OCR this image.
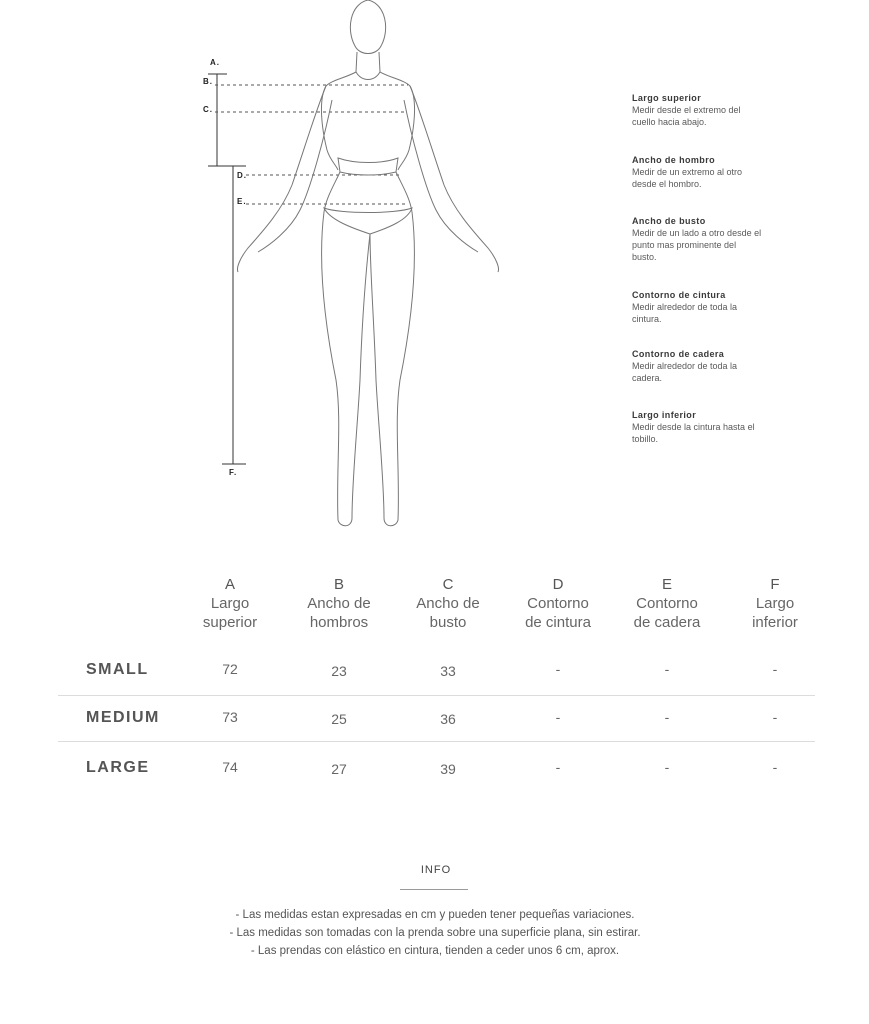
A.
B.
C.
D.
E.
F.
Largo superior
Medir desde el extremo del cuello hacia abajo.
Ancho de hombro
Medir de un extremo al otro desde el hombro.
Ancho de busto
Medir de un lado a otro desde el punto mas prominente del busto.
Contorno de cintura
Medir alrededor de toda la cintura.
Contorno de cadera
Medir alrededor de toda la cadera.
Largo inferior
Medir desde la cintura hasta el tobillo.
A
Largo
superior
B
Ancho de
hombros
C
Ancho de
busto
D
Contorno
de cintura
E
Contorno
de cadera
F
Largo
inferior
SMALL	72	23	33	-	-	-
MEDIUM	73	25	36	-	-	-
LARGE	74	27	39	-	-	-
INFO
- Las medidas estan expresadas en cm y pueden tener pequeñas variaciones.
- Las medidas son tomadas con la prenda sobre una superficie plana, sin estirar.
- Las prendas con elástico en cintura, tienden a ceder unos 6 cm, aprox.
